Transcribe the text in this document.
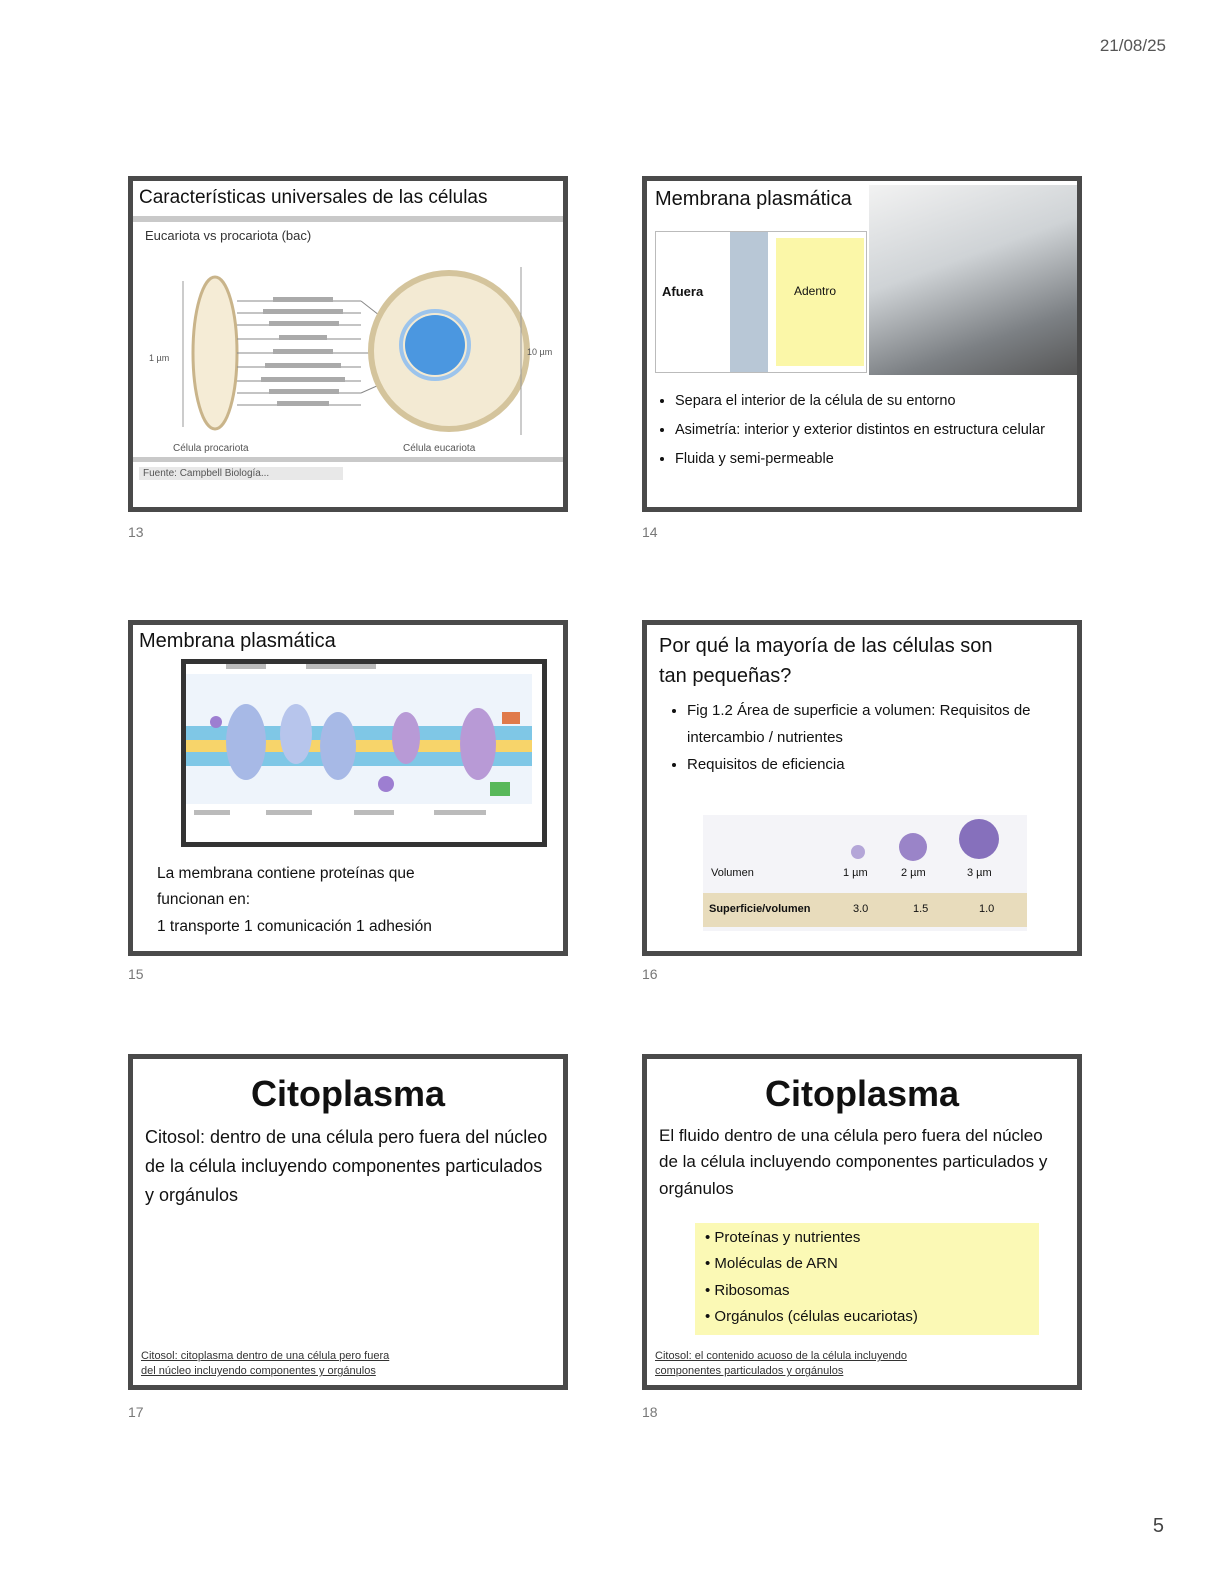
21/08/25
Características universales de las células
Eucariota vs procariota (bac)
1 µm
10 µm
Célula procariota	Célula eucariota
Fuente: Campbell Biología...
13
Membrana plasmática
Afuera	Adentro
• Separa el interior de la célula de su entorno
• Asimetría: interior y exterior distintos en estructura celular
• Fluida y semi-permeable
14
Membrana plasmática
La membrana contiene proteínas que
funcionan en:
1 transporte 1 comunicación 1 adhesión
15
Por qué la mayoría de las células son
tan pequeñas?
• Fig 1.2 Área de superficie a volumen: Requisitos de intercambio / nutrientes
• Requisitos de eficiencia
Volumen	1 µm	2 µm	3 µm
Superficie/volumen	3.0	1.5	1.0
16
Citoplasma
Citosol: dentro de una célula pero fuera del núcleo de la célula incluyendo componentes particulados y orgánulos
Citosol: citoplasma dentro de una célula pero fuera
del núcleo incluyendo componentes y orgánulos
17
Citoplasma
El fluido dentro de una célula pero fuera del núcleo de la célula incluyendo componentes particulados y orgánulos
• Proteínas y nutrientes
• Moléculas de ARN
• Ribosomas
• Orgánulos (células eucariotas)
Citosol: el contenido acuoso de la célula incluyendo
componentes particulados y orgánulos
18
5
